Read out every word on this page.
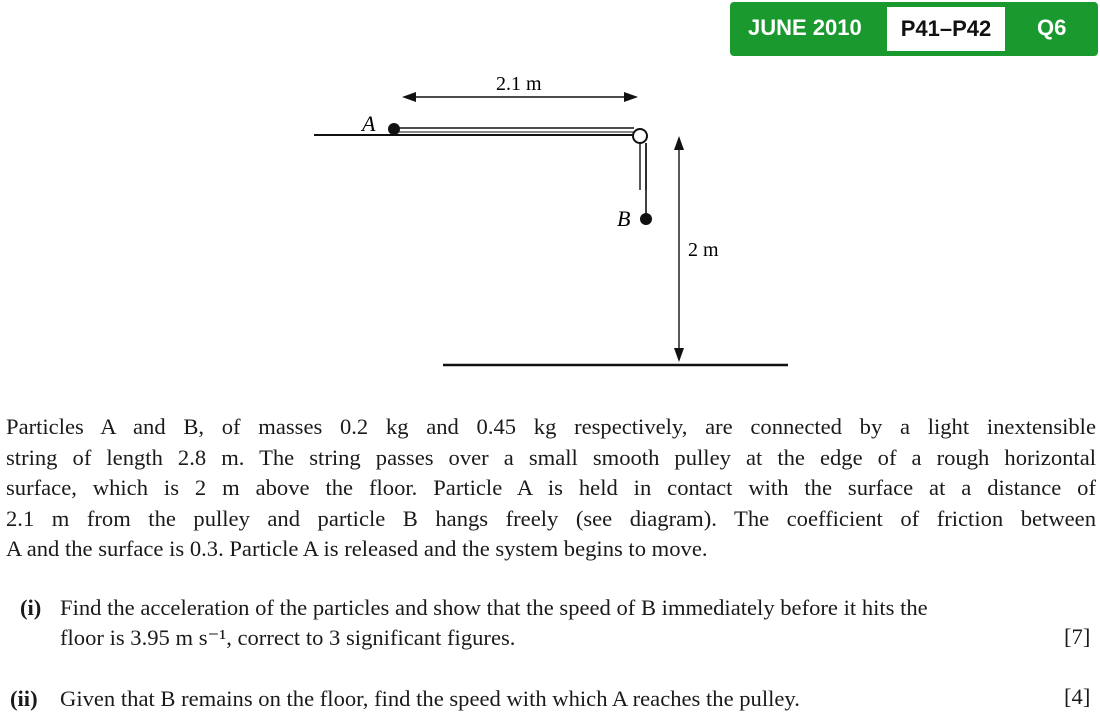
JUNE 2010	P41–P42	Q6
A
B
2.1 m
2 m
Particles A and B, of masses 0.2 kg and 0.45 kg respectively, are connected by a light inextensible
string of length 2.8 m. The string passes over a small smooth pulley at the edge of a rough horizontal
surface, which is 2 m above the floor. Particle A is held in contact with the surface at a distance of
2.1 m from the pulley and particle B hangs freely (see diagram). The coefficient of friction between
A and the surface is 0.3. Particle A is released and the system begins to move.
(i) Find the acceleration of the particles and show that the speed of B immediately before it hits the
floor is 3.95 m s⁻¹, correct to 3 significant figures.	[7]
(ii) Given that B remains on the floor, find the speed with which A reaches the pulley.	[4]
